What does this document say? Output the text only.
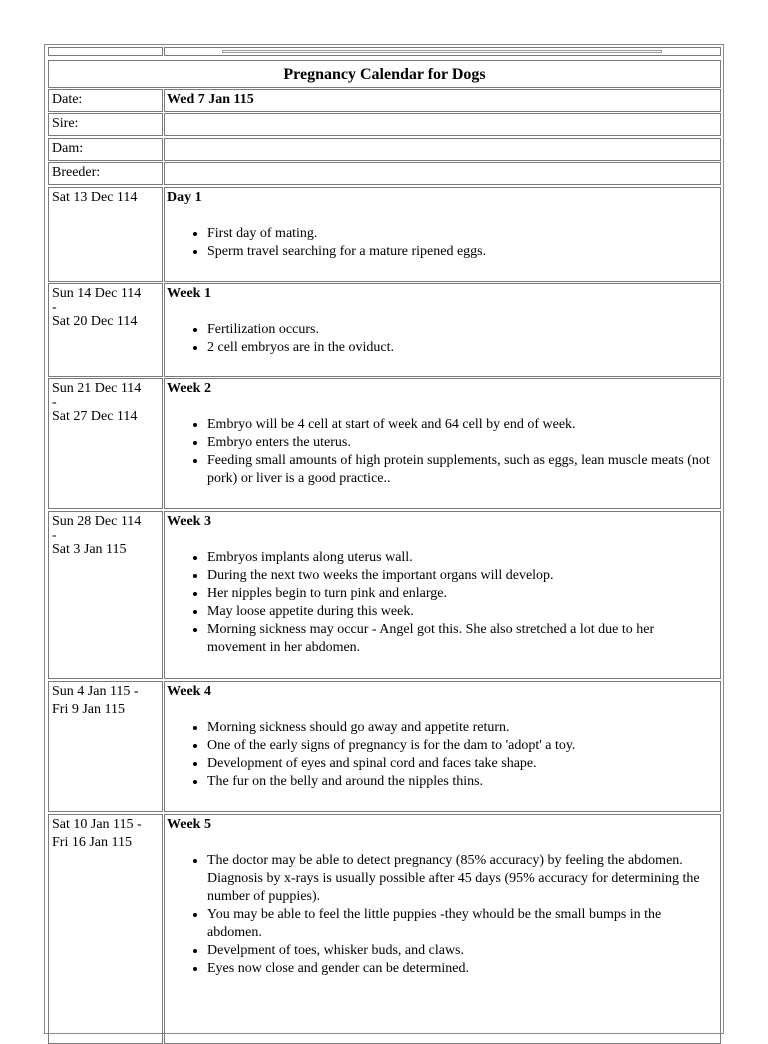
Pregnancy Calendar for Dogs
Date:	Wed 7 Jan 115
Sire:
Dam:
Breeder:
Sat 13 Dec 114	Day 1
• First day of mating.
• Sperm travel searching for a mature ripened eggs.
Sun 14 Dec 114
-
Sat 20 Dec 114
Week 1
• Fertilization occurs.
• 2 cell embryos are in the oviduct.
Sun 21 Dec 114
-
Sat 27 Dec 114
Week 2
• Embryo will be 4 cell at start of week and 64 cell by end of week.
• Embryo enters the uterus.
• Feeding small amounts of high protein supplements, such as eggs, lean muscle meats (not pork) or liver is a good practice..
Sun 28 Dec 114
-
Sat 3 Jan 115
Week 3
• Embryos implants along uterus wall.
• During the next two weeks the important organs will develop.
• Her nipples begin to turn pink and enlarge.
• May loose appetite during this week.
• Morning sickness may occur - Angel got this. She also stretched a lot due to her movement in her abdomen.
Sun 4 Jan 115 -
Fri 9 Jan 115
Week 4
• Morning sickness should go away and appetite return.
• One of the early signs of pregnancy is for the dam to 'adopt' a toy.
• Development of eyes and spinal cord and faces take shape.
• The fur on the belly and around the nipples thins.
Sat 10 Jan 115 -
Fri 16 Jan 115
Week 5
• The doctor may be able to detect pregnancy (85% accuracy) by feeling the abdomen. Diagnosis by x-rays is usually possible after 45 days (95% accuracy for determining the number of puppies).
• You may be able to feel the little puppies -they whould be the small bumps in the abdomen.
• Develpment of toes, whisker buds, and claws.
• Eyes now close and gender can be determined.
